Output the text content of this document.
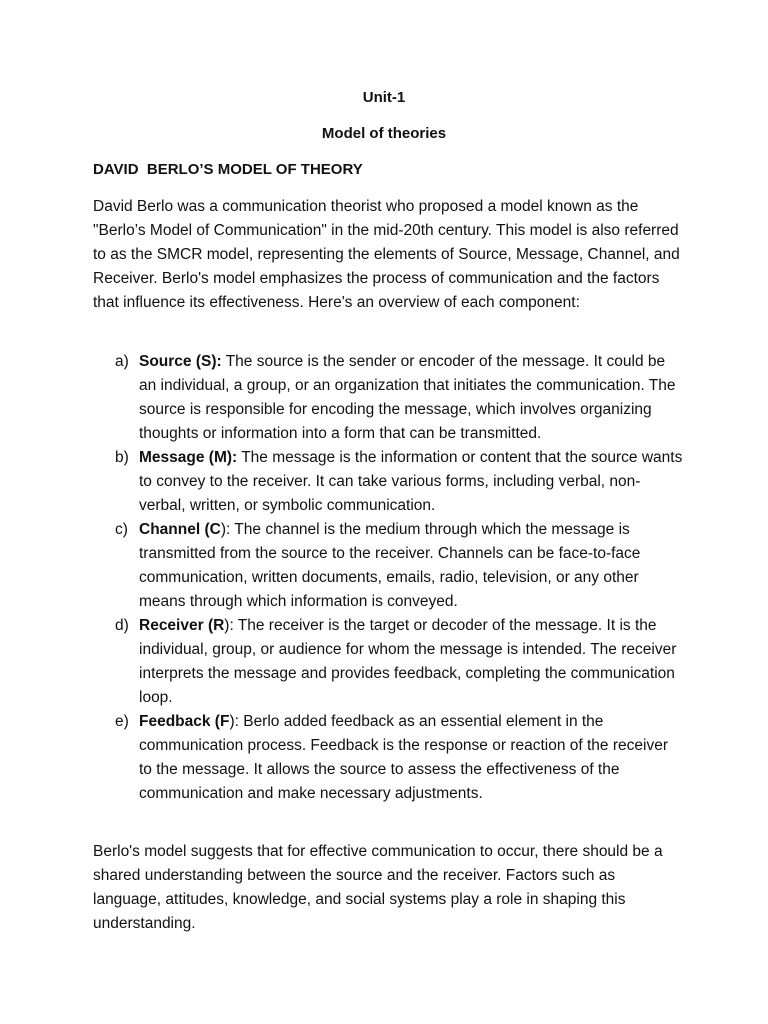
Unit-1
Model of theories
DAVID  BERLO’S MODEL OF THEORY

David Berlo was a communication theorist who proposed a model known as the "Berlo’s Model of Communication" in the mid-20th century. This model is also referred to as the SMCR model, representing the elements of Source, Message, Channel, and Receiver. Berlo's model emphasizes the process of communication and the factors that influence its effectiveness. Here's an overview of each component:

a) Source (S): The source is the sender or encoder of the message. It could be an individual, a group, or an organization that initiates the communication. The source is responsible for encoding the message, which involves organizing thoughts or information into a form that can be transmitted.
b) Message (M): The message is the information or content that the source wants to convey to the receiver. It can take various forms, including verbal, non-verbal, written, or symbolic communication.
c) Channel (C): The channel is the medium through which the message is transmitted from the source to the receiver. Channels can be face-to-face communication, written documents, emails, radio, television, or any other means through which information is conveyed.
d) Receiver (R): The receiver is the target or decoder of the message. It is the individual, group, or audience for whom the message is intended. The receiver interprets the message and provides feedback, completing the communication loop.
e) Feedback (F): Berlo added feedback as an essential element in the communication process. Feedback is the response or reaction of the receiver to the message. It allows the source to assess the effectiveness of the communication and make necessary adjustments.

Berlo's model suggests that for effective communication to occur, there should be a shared understanding between the source and the receiver. Factors such as language, attitudes, knowledge, and social systems play a role in shaping this understanding.
